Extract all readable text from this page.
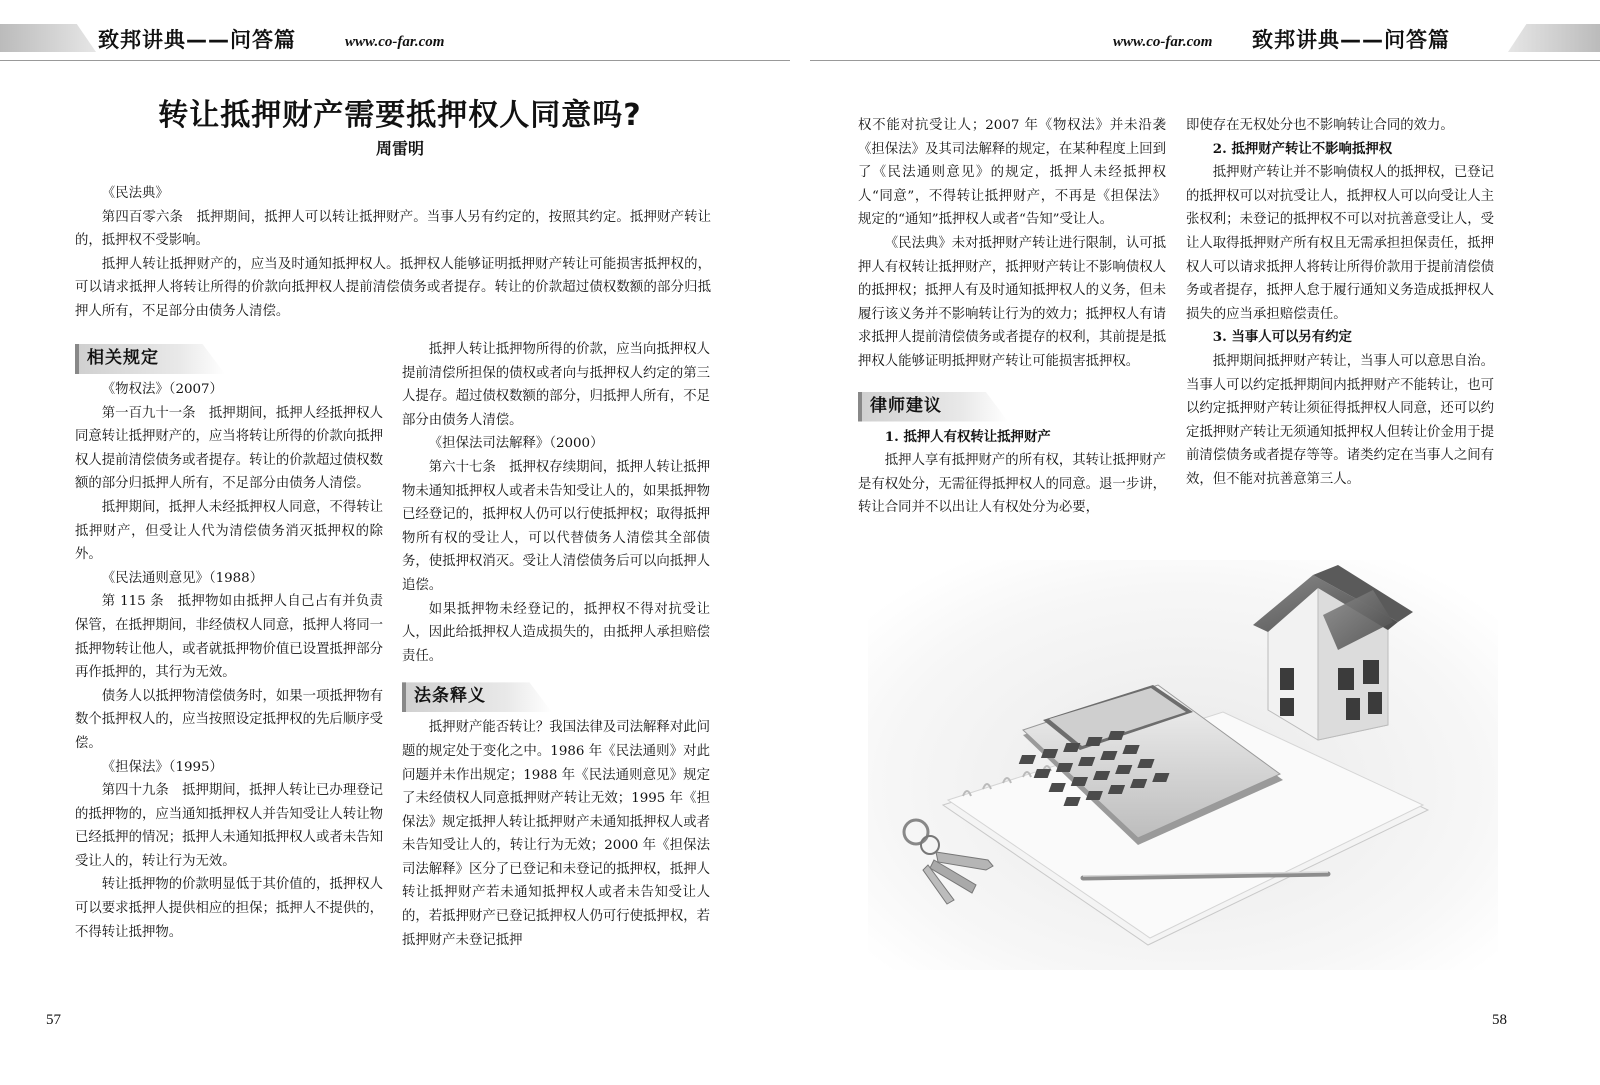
致邦讲典——问答篇	www.co-far.com	www.co-far.com 致邦讲典——问答篇
转让抵押财产需要抵押权人同意吗?
周雷明

《民法典》

第四百零六条　抵押期间，抵押人可以转让抵押财产。当事人另有约定的，按照其约定。抵押财产转让的，抵押权不受影响。

抵押人转让抵押财产的，应当及时通知抵押权人。抵押权人能够证明抵押财产转让可能损害抵押权的，可以请求抵押人将转让所得的价款向抵押权人提前清偿债务或者提存。转让的价款超过债权数额的部分归抵押人所有，不足部分由债务人清偿。

相关规定

《物权法》（2007）

第一百九十一条　抵押期间，抵押人经抵押权人同意转让抵押财产的，应当将转让所得的价款向抵押权人提前清偿债务或者提存。转让的价款超过债权数额的部分归抵押人所有，不足部分由债务人清偿。

抵押期间，抵押人未经抵押权人同意，不得转让抵押财产，但受让人代为清偿债务消灭抵押权的除外。

《民法通则意见》（1988）

第 115 条　抵押物如由抵押人自己占有并负责保管，在抵押期间，非经债权人同意，抵押人将同一抵押物转让他人，或者就抵押物价值已设置抵押部分再作抵押的，其行为无效。

债务人以抵押物清偿债务时，如果一项抵押物有数个抵押权人的，应当按照设定抵押权的先后顺序受偿。

《担保法》（1995）

第四十九条　抵押期间，抵押人转让已办理登记的抵押物的，应当通知抵押权人并告知受让人转让物已经抵押的情况；抵押人未通知抵押权人或者未告知受让人的，转让行为无效。

转让抵押物的价款明显低于其价值的，抵押权人可以要求抵押人提供相应的担保；抵押人不提供的，不得转让抵押物。

抵押人转让抵押物所得的价款，应当向抵押权人提前清偿所担保的债权或者向与抵押权人约定的第三人提存。超过债权数额的部分，归抵押人所有，不足部分由债务人清偿。

《担保法司法解释》（2000）

第六十七条　抵押权存续期间，抵押人转让抵押物未通知抵押权人或者未告知受让人的，如果抵押物已经登记的，抵押权人仍可以行使抵押权；取得抵押物所有权的受让人，可以代替债务人清偿其全部债务，使抵押权消灭。受让人清偿债务后可以向抵押人追偿。

如果抵押物未经登记的，抵押权不得对抗受让人，因此给抵押权人造成损失的，由抵押人承担赔偿责任。

法条释义

抵押财产能否转让？我国法律及司法解释对此问题的规定处于变化之中。1986 年《民法通则》对此问题并未作出规定；1988 年《民法通则意见》规定了未经债权人同意抵押财产转让无效；1995 年《担保法》规定抵押人转让抵押财产未通知抵押权人或者未告知受让人的，转让行为无效；2000 年《担保法司法解释》区分了已登记和未登记的抵押权，抵押人转让抵押财产若未通知抵押权人或者未告知受让人的，若抵押财产已登记抵押权人仍可行使抵押权，若抵押财产未登记抵押

权不能对抗受让人；2007 年《物权法》并未沿袭《担保法》及其司法解释的规定，在某种程度上回到了《民法通则意见》的规定，抵押人未经抵押权人“同意”，不得转让抵押财产，不再是《担保法》规定的“通知”抵押权人或者“告知”受让人。

《民法典》未对抵押财产转让进行限制，认可抵押人有权转让抵押财产，抵押财产转让不影响债权人的抵押权；抵押人有及时通知抵押权人的义务，但未履行该义务并不影响转让行为的效力；抵押权人有请求抵押人提前清偿债务或者提存的权利，其前提是抵押权人能够证明抵押财产转让可能损害抵押权。

律师建议

1. 抵押人有权转让抵押财产

抵押人享有抵押财产的所有权，其转让抵押财产是有权处分，无需征得抵押权人的同意。退一步讲，转让合同并不以出让人有权处分为必要，

即使存在无权处分也不影响转让合同的效力。

2. 抵押财产转让不影响抵押权

抵押财产转让并不影响债权人的抵押权，已登记的抵押权可以对抗受让人，抵押权人可以向受让人主张权利；未登记的抵押权不可以对抗善意受让人，受让人取得抵押财产所有权且无需承担担保责任，抵押权人可以请求抵押人将转让所得价款用于提前清偿债务或者提存，抵押人怠于履行通知义务造成抵押权人损失的应当承担赔偿责任。

3. 当事人可以另有约定

抵押期间抵押财产转让，当事人可以意思自治。当事人可以约定抵押期间内抵押财产不能转让，也可以约定抵押财产转让须征得抵押权人同意，还可以约定抵押财产转让无须通知抵押权人但转让价金用于提前清偿债务或者提存等等。诸类约定在当事人之间有效，但不能对抗善意第三人。

57	58
